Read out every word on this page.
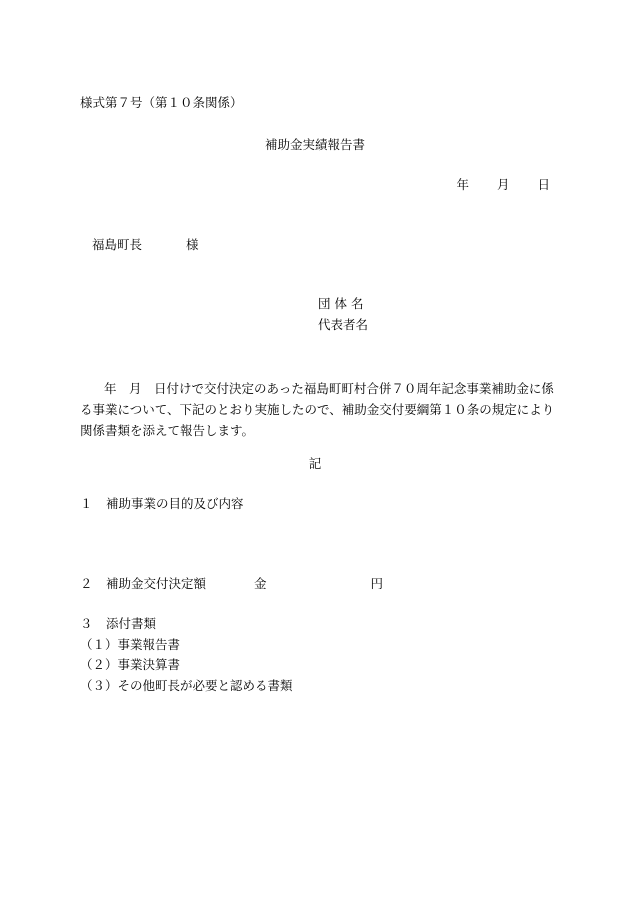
様式第７号（第１０条関係）
補助金実績報告書
年 月 日
福島町長	様
団 体 名
代表者名
年　月　日付けで交付決定のあった福島町町村合併７０周年記念事業補助金に係る事業について、下記のとおり実施したので、補助金交付要綱第１０条の規定により関係書類を添えて報告します。
記
１ 補助事業の目的及び内容
２ 補助金交付決定額	金	円
３ 添付書類
（１）事業報告書
（２）事業決算書
（３）その他町長が必要と認める書類
